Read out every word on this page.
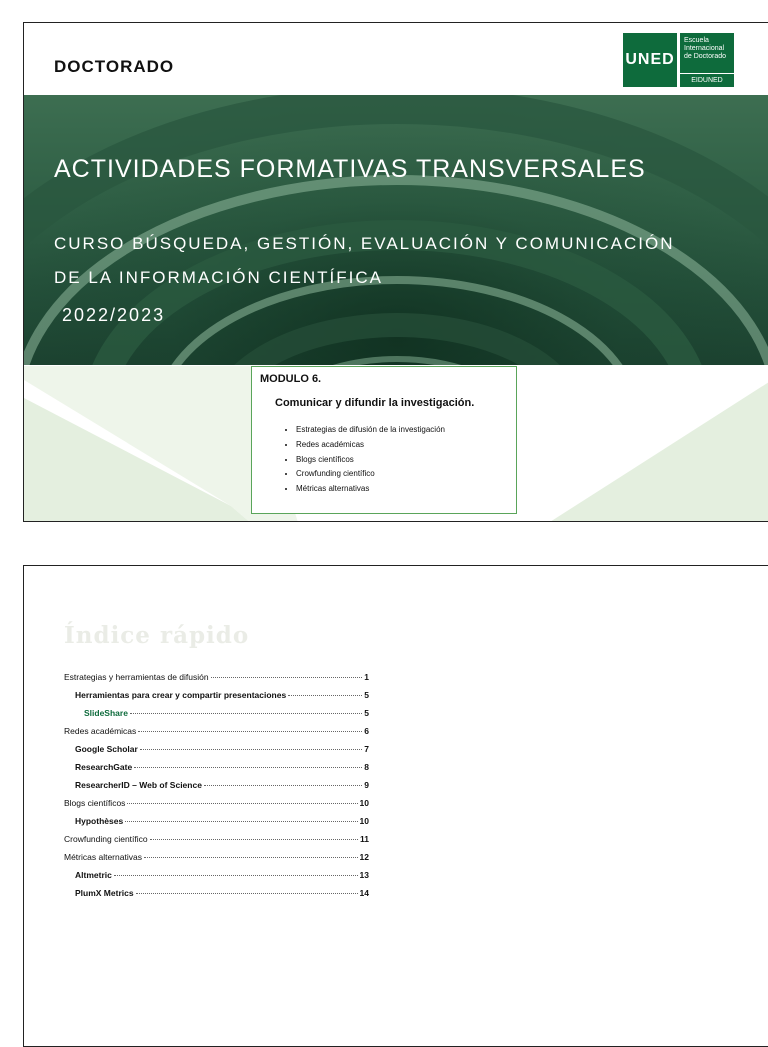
DOCTORADO	UNED
Escuela Internacional de Doctorado
EIDUNED
ACTIVIDADES FORMATIVAS TRANSVERSALES
CURSO BÚSQUEDA, GESTIÓN, EVALUACIÓN Y COMUNICACIÓN
DE LA INFORMACIÓN CIENTÍFICA
2022/2023
MODULO 6.
Comunicar y difundir la investigación.
• Estrategias de difusión de la investigación
• Redes académicas
• Blogs científicos
• Crowfunding científico
• Métricas alternativas
Índice rápido
Estrategias y herramientas de difusión	1
Herramientas para crear y compartir presentaciones	5
SlideShare	5
Redes académicas	6
Google Scholar	7
ResearchGate	8
ResearcherID – Web of Science	9
Blogs científicos	10
Hypothèses	10
Crowfunding científico	11
Métricas alternativas	12
Altmetric	13
PlumX Metrics	14
